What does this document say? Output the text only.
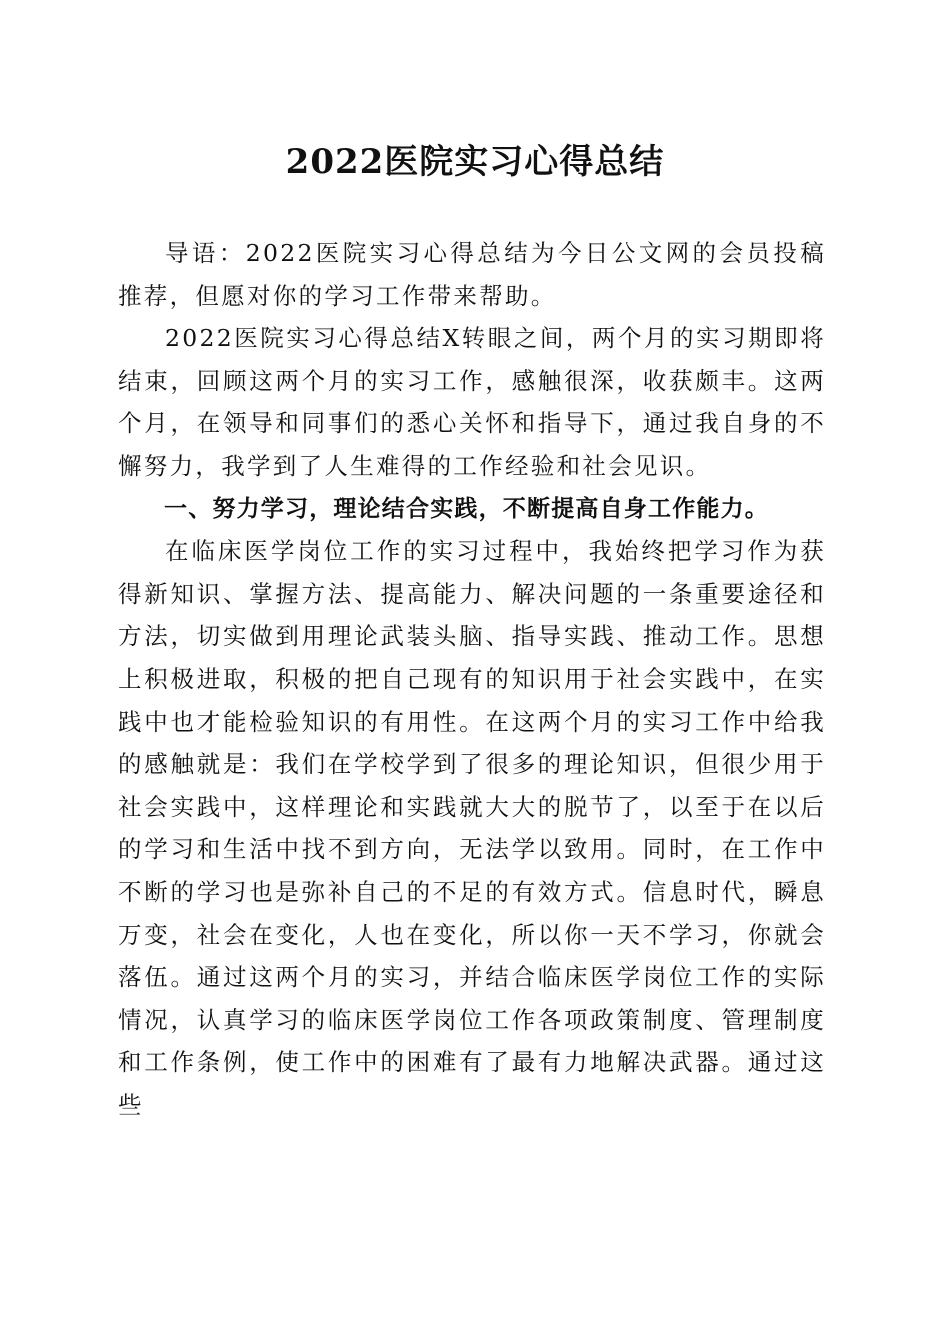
2022医院实习心得总结

导语：2022医院实习心得总结为今日公文网的会员投稿推荐，但愿对你的学习工作带来帮助。

2022医院实习心得总结X转眼之间，两个月的实习期即将结束，回顾这两个月的实习工作，感触很深，收获颇丰。这两个月，在领导和同事们的悉心关怀和指导下，通过我自身的不懈努力，我学到了人生难得的工作经验和社会见识。

一、努力学习，理论结合实践，不断提高自身工作能力。

在临床医学岗位工作的实习过程中，我始终把学习作为获得新知识、掌握方法、提高能力、解决问题的一条重要途径和方法，切实做到用理论武装头脑、指导实践、推动工作。思想上积极进取，积极的把自己现有的知识用于社会实践中，在实践中也才能检验知识的有用性。在这两个月的实习工作中给我的感触就是：我们在学校学到了很多的理论知识，但很少用于社会实践中，这样理论和实践就大大的脱节了，以至于在以后的学习和生活中找不到方向，无法学以致用。同时，在工作中不断的学习也是弥补自己的不足的有效方式。信息时代，瞬息万变，社会在变化，人也在变化，所以你一天不学习，你就会落伍。通过这两个月的实习，并结合临床医学岗位工作的实际情况，认真学习的临床医学岗位工作各项政策制度、管理制度和工作条例，使工作中的困难有了最有力地解决武器。通过这些
